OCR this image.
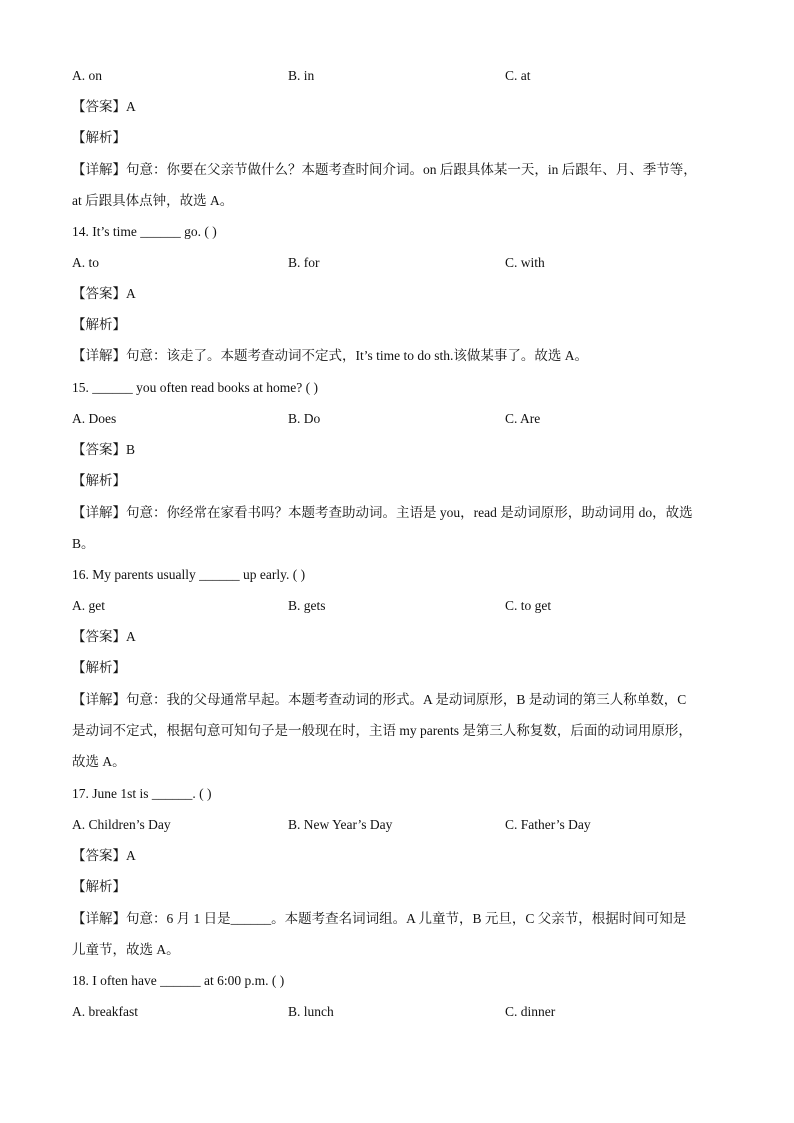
A. on	B. in	C. at
【答案】A
【解析】
【详解】句意：你要在父亲节做什么？本题考查时间介词。on 后跟具体某一天，in 后跟年、月、季节等，
at 后跟具体点钟，故选 A。
14. It’s time ______ go. ( )
A. to	B. for	C. with
【答案】A
【解析】
【详解】句意：该走了。本题考查动词不定式，It’s time to do sth.该做某事了。故选 A。
15. ______ you often read books at home? ( )
A. Does	B. Do	C. Are
【答案】B
【解析】
【详解】句意：你经常在家看书吗？本题考查助动词。主语是 you，read 是动词原形，助动词用 do，故选
B。
16. My parents usually ______ up early. ( )
A. get	B. gets	C. to get
【答案】A
【解析】
【详解】句意：我的父母通常早起。本题考查动词的形式。A 是动词原形，B 是动词的第三人称单数，C
是动词不定式，根据句意可知句子是一般现在时，主语 my parents 是第三人称复数，后面的动词用原形，
故选 A。
17. June 1st is ______. ( )
A. Children’s Day	B. New Year’s Day	C. Father’s Day
【答案】A
【解析】
【详解】句意：6 月 1 日是______。本题考查名词词组。A 儿童节，B 元旦，C 父亲节，根据时间可知是
儿童节，故选 A。
18. I often have ______ at 6:00 p.m. ( )
A. breakfast	B. lunch	C. dinner
